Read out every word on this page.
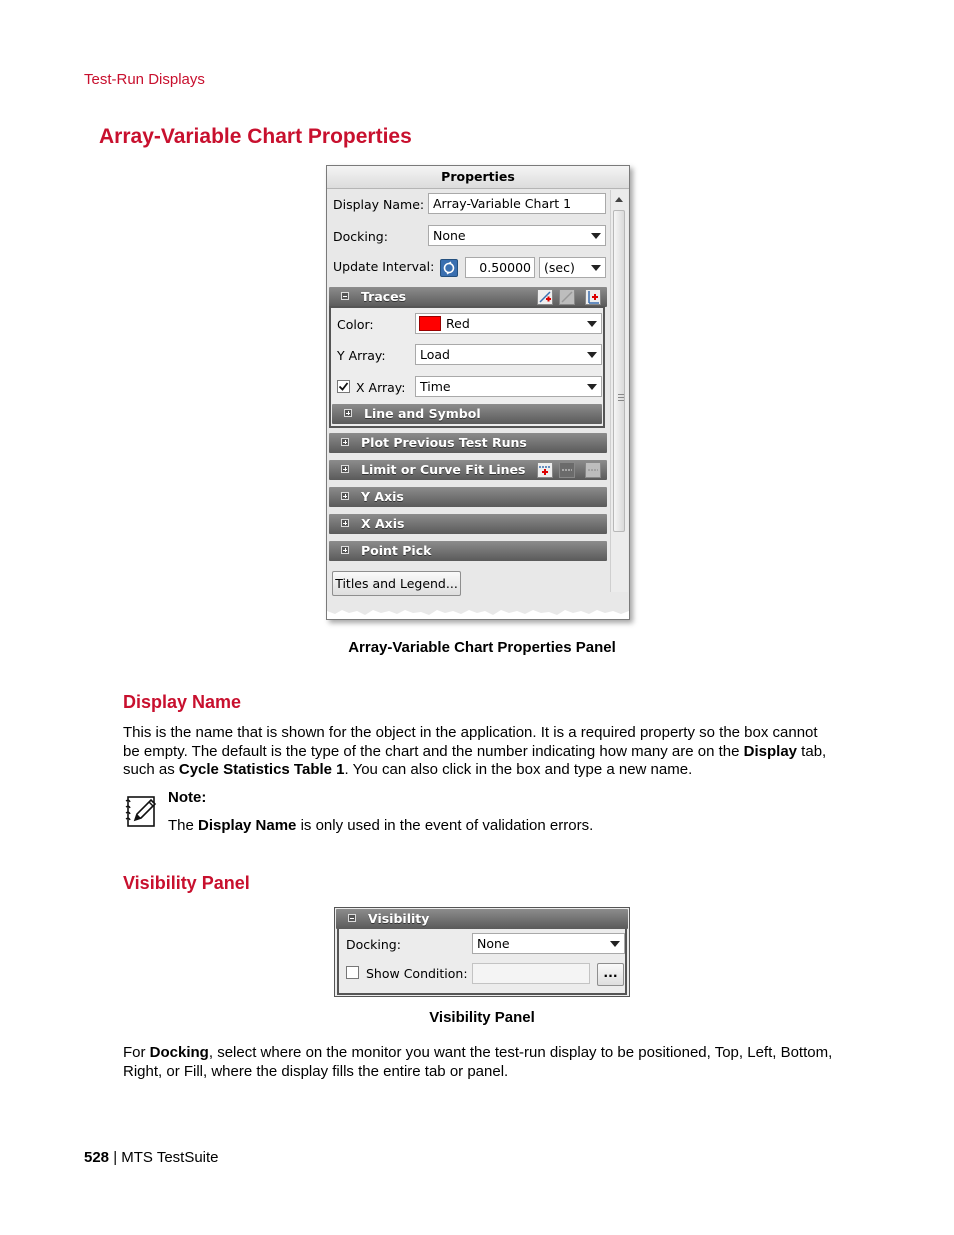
Test-Run Displays
Array-Variable Chart Properties
Properties
Display Name: Array-Variable Chart 1
Docking:	None
Update Interval:	0.50000	(sec)
Traces
Color:	Red
Y Array:	Load
X Array:	Time
Line and Symbol
Plot Previous Test Runs
Limit or Curve Fit Lines
Y Axis
X Axis
Point Pick
Titles and Legend...
Array-Variable Chart Properties Panel
Display Name
This is the name that is shown for the object in the application. It is a required property so the box cannot
be empty. The default is the type of the chart and the number indicating how many are on the Display tab,
such as Cycle Statistics Table 1. You can also click in the box and type a new name.
Note:
The Display Name is only used in the event of validation errors.
Visibility Panel
Visibility
Docking:	None
Show Condition:	...
Visibility Panel
For Docking, select where on the monitor you want the test-run display to be positioned, Top, Left, Bottom,
Right, or Fill, where the display fills the entire tab or panel.
528 | MTS TestSuite
